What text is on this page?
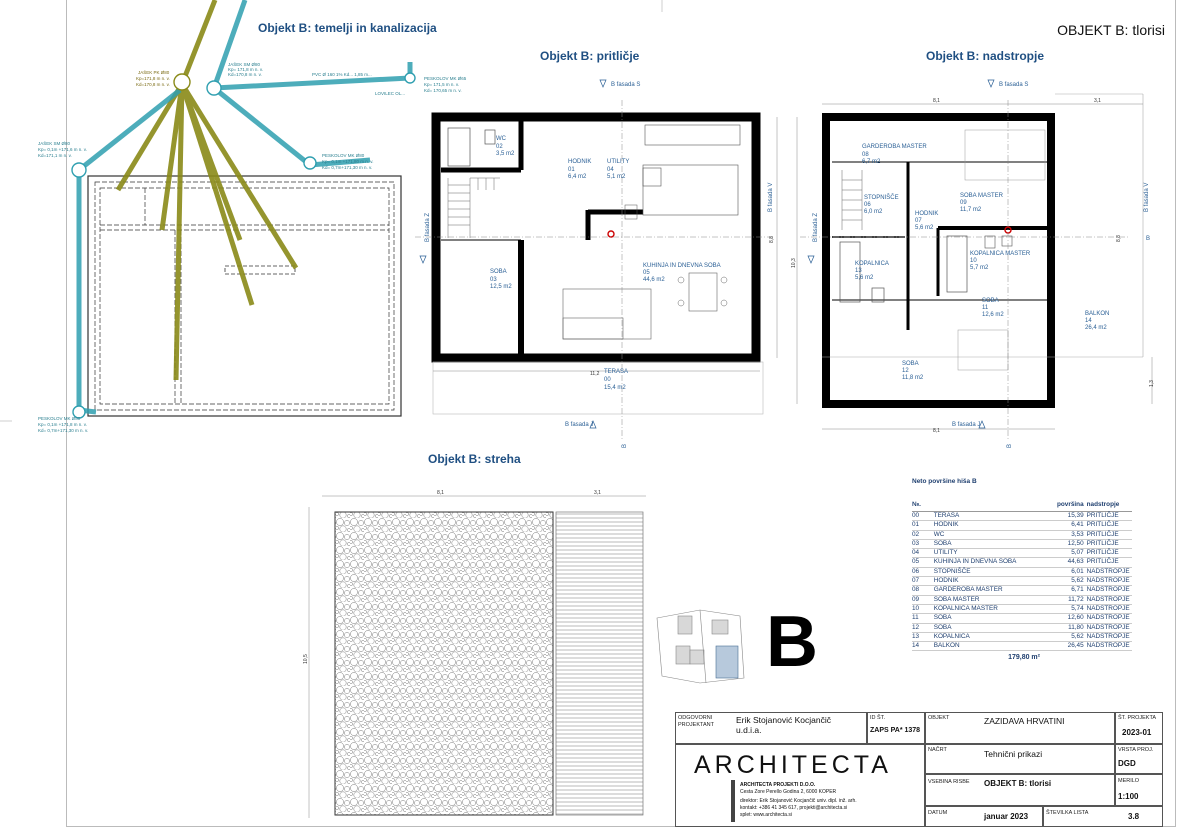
OBJEKT B: tlorisi
Objekt B: temelji in kanalizacija
Objekt B: pritličje	Objekt B: nadstropje
Objekt B: streha
JAŠEK PK Ø80
Kp=171,8 m n. v.
Kd=170,8 m n. v.
JAŠEK SM Ø80
Kp= 0,1m +171,6 m n. v.
Kd=171,1 m n. v.
PESKOLOV MK Ø65
Kp= 171,5 m n. v.
Kd= 170,65 m n. v.
PESKOLOV MK Ø80
Kp= 0,1m +171,80 m n. v.
Kd= 0,7m+171,30 m n. v.
PESKOLOV MK Ø80
Kp= 0,1m +171,8 m n. v.
Kd= 0,7m+171,30 m n. v.
LOVILEC OL...
JAŠEK SM Ø80
Kp= 171,8 m n. v.
Kd=170,8 m n. v.	PVC Ø 160 1% Kd... 1,85 m...
WC
02
3,5 m2
HODNIK
01
6,4 m2
UTILITY
04
5,1 m2
SOBA
03
12,5 m2
KUHINJA IN DNEVNA SOBA
05
44,6 m2
TERASA
00
15,4 m2
11,2
8,8
B fasada S
B fasada J
B fasada Z
B fasada V
B
GARDEROBA MASTER
08
6,7 m2
STOPNIŠČE
06
6,0 m2	HODNIK
07
5,6 m2
SOBA MASTER
09
11,7 m2
KOPALNICA
13
5,6 m2
KOPALNICA MASTER
10
5,7 m2
SOBA
11
12,6 m2
SOBA
12
11,8 m2
BALKON
14
26,4 m2
8,1	3,1
8,1
10,3
8,8
1,3
B fasada S
B fasada J
B fasada Z
B fasada V
B
B
8,1	3,1
10,5	B
Neto površine hiša B
№.	površina nadstropje
00	TERASA	15,39 PRITLIČJE
01	HODNIK	6,41 PRITLIČJE
02	WC	3,53 PRITLIČJE
03	SOBA	12,50 PRITLIČJE
04	UTILITY	5,07 PRITLIČJE
05	KUHINJA IN DNEVNA SOBA	44,63 PRITLIČJE
06	STOPNIŠČE	6,01 NADSTROPJE
07	HODNIK	5,62 NADSTROPJE
08	GARDEROBA MASTER	6,71 NADSTROPJE
09	SOBA MASTER	11,72 NADSTROPJE
10	KOPALNICA MASTER	5,74 NADSTROPJE
11	SOBA	12,60 NADSTROPJE
12	SOBA	11,80 NADSTROPJE
13	KOPALNICA	5,62 NADSTROPJE
14	BALKON	26,45 NADSTROPJE
179,80 m²
ODGOVORNI PROJEKTANT	Erik Stojanović Kocjančič u.d.i.a.
ID ŠT.
ZAPS PA* 1378
OBJEKT	ZAZIDAVA HRVATINI	ŠT. PROJEKTA
2023-01
ARCHITECTA
ARCHITECTA PROJEKTI D.O.O.
Cesta Zore Perello Godina 2, 6000 KOPER
direktor: Erik Stojanović Kocjančič univ. dipl. inž. arh.
kontakt: +386 41 345 617, projekti@architecta.si
splet: www.architecta.si
NAČRT	Tehnični prikazi	VRSTA PROJ.
DGD
VSEBINA RISBE OBJEKT B: tlorisi	MERILO
1:100
DATUM	januar 2023	ŠTEVILKA LISTA	3.8
